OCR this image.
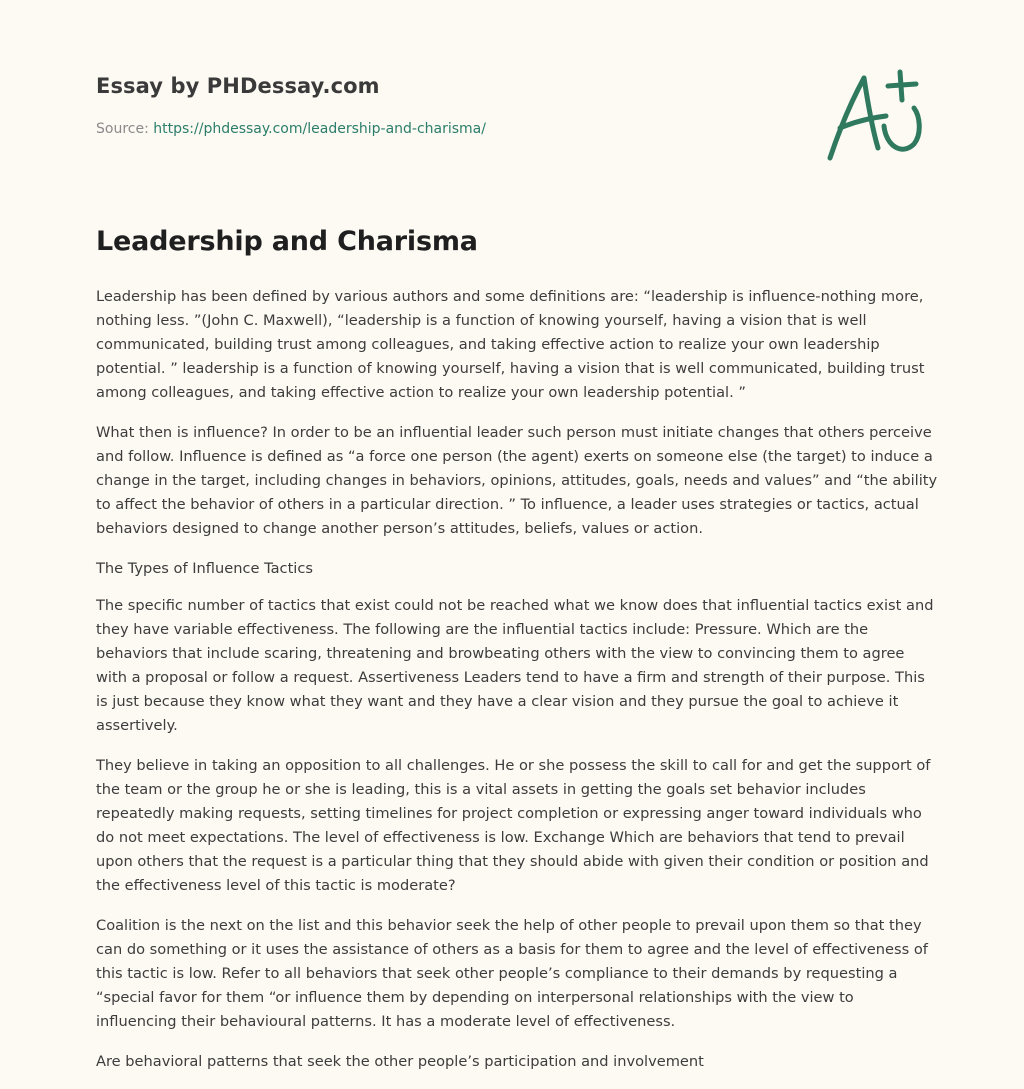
Essay by PHDessay.com
Source: https://phdessay.com/leadership-and-charisma/
Leadership and Charisma

Leadership has been defined by various authors and some definitions are: “leadership is influence-nothing more, nothing less. ”(John C. Maxwell), “leadership is a function of knowing yourself, having a vision that is well communicated, building trust among colleagues, and taking effective action to realize your own leadership potential. ” leadership is a function of knowing yourself, having a vision that is well communicated, building trust among colleagues, and taking effective action to realize your own leadership potential. ”

What then is influence? In order to be an influential leader such person must initiate changes that others perceive and follow. Influence is defined as “a force one person (the agent) exerts on someone else (the target) to induce a change in the target, including changes in behaviors, opinions, attitudes, goals, needs and values” and “the ability to affect the behavior of others in a particular direction. ” To influence, a leader uses strategies or tactics, actual behaviors designed to change another person’s attitudes, beliefs, values or action.

The Types of Influence Tactics

The specific number of tactics that exist could not be reached what we know does that influential tactics exist and they have variable effectiveness. The following are the influential tactics include: Pressure. Which are the behaviors that include scaring, threatening and browbeating others with the view to convincing them to agree with a proposal or follow a request. Assertiveness Leaders tend to have a firm and strength of their purpose. This is just because they know what they want and they have a clear vision and they pursue the goal to achieve it assertively.

They believe in taking an opposition to all challenges. He or she possess the skill to call for and get the support of the team or the group he or she is leading, this is a vital assets in getting the goals set behavior includes repeatedly making requests, setting timelines for project completion or expressing anger toward individuals who do not meet expectations. The level of effectiveness is low. Exchange Which are behaviors that tend to prevail upon others that the request is a particular thing that they should abide with given their condition or position and the effectiveness level of this tactic is moderate?

Coalition is the next on the list and this behavior seek the help of other people to prevail upon them so that they can do something or it uses the assistance of others as a basis for them to agree and the level of effectiveness of this tactic is low. Refer to all behaviors that seek other people’s compliance to their demands by requesting a “special favor for them “or influence them by depending on interpersonal relationships with the view to influencing their behavioural patterns. It has a moderate level of effectiveness.

Are behavioral patterns that seek the other people’s participation and involvement
